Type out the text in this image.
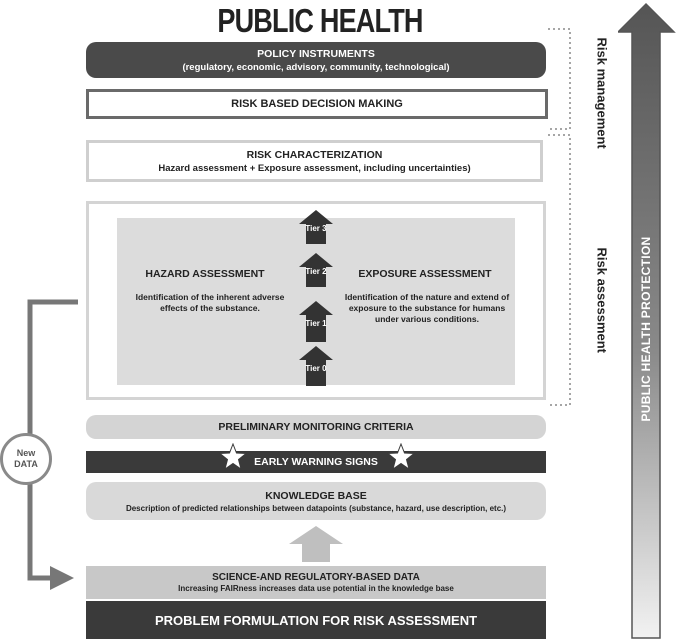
PUBLIC HEALTH
POLICY INSTRUMENTS
(regulatory, economic, advisory, community, technological)
RISK BASED DECISION MAKING
RISK CHARACTERIZATION
Hazard assessment + Exposure assessment, including uncertainties)
HAZARD ASSESSMENT
Identification of the inherent adverse effects of the substance.
EXPOSURE ASSESSMENT
Identification of the nature and extend of exposure to the substance for humans under various conditions.
Tier 3
Tier 2
Tier 1
Tier 0
PRELIMINARY MONITORING CRITERIA
EARLY WARNING SIGNS
KNOWLEDGE BASE
Description of predicted relationships between datapoints (substance, hazard, use description, etc.)
SCIENCE-AND REGULATORY-BASED DATA
Increasing FAIRness increases data use potential in the knowledge base
PROBLEM FORMULATION FOR RISK ASSESSMENT
New
DATA
Risk management
Risk assessment PUBLIC HEALTH PROTECTION
